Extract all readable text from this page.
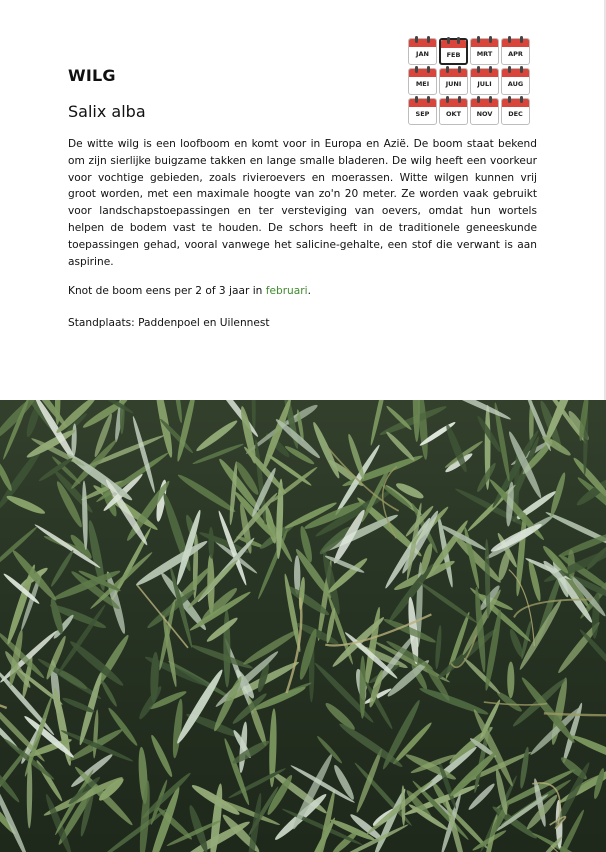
WILG
Salix alba
JAN	FEB	MRT	APR
MEI	JUNI	JULI	AUG
SEP	OKT	NOV	DEC

De witte wilg is een loofboom en komt voor in Europa en Azië. De boom staat bekend om zijn sierlijke buigzame takken en lange smalle bladeren. De wilg heeft een voorkeur voor vochtige gebieden, zoals rivieroevers en moerassen. Witte wilgen kunnen vrij groot worden, met een maximale hoogte van zo'n 20 meter. Ze worden vaak gebruikt voor landschapstoepassingen en ter versteviging van oevers, omdat hun wortels helpen de bodem vast te houden. De schors heeft in de traditionele geneeskunde toepassingen gehad, vooral vanwege het salicine-gehalte, een stof die verwant is aan aspirine.

Knot de boom eens per 2 of 3 jaar in februari.

Standplaats: Paddenpoel en Uilennest
